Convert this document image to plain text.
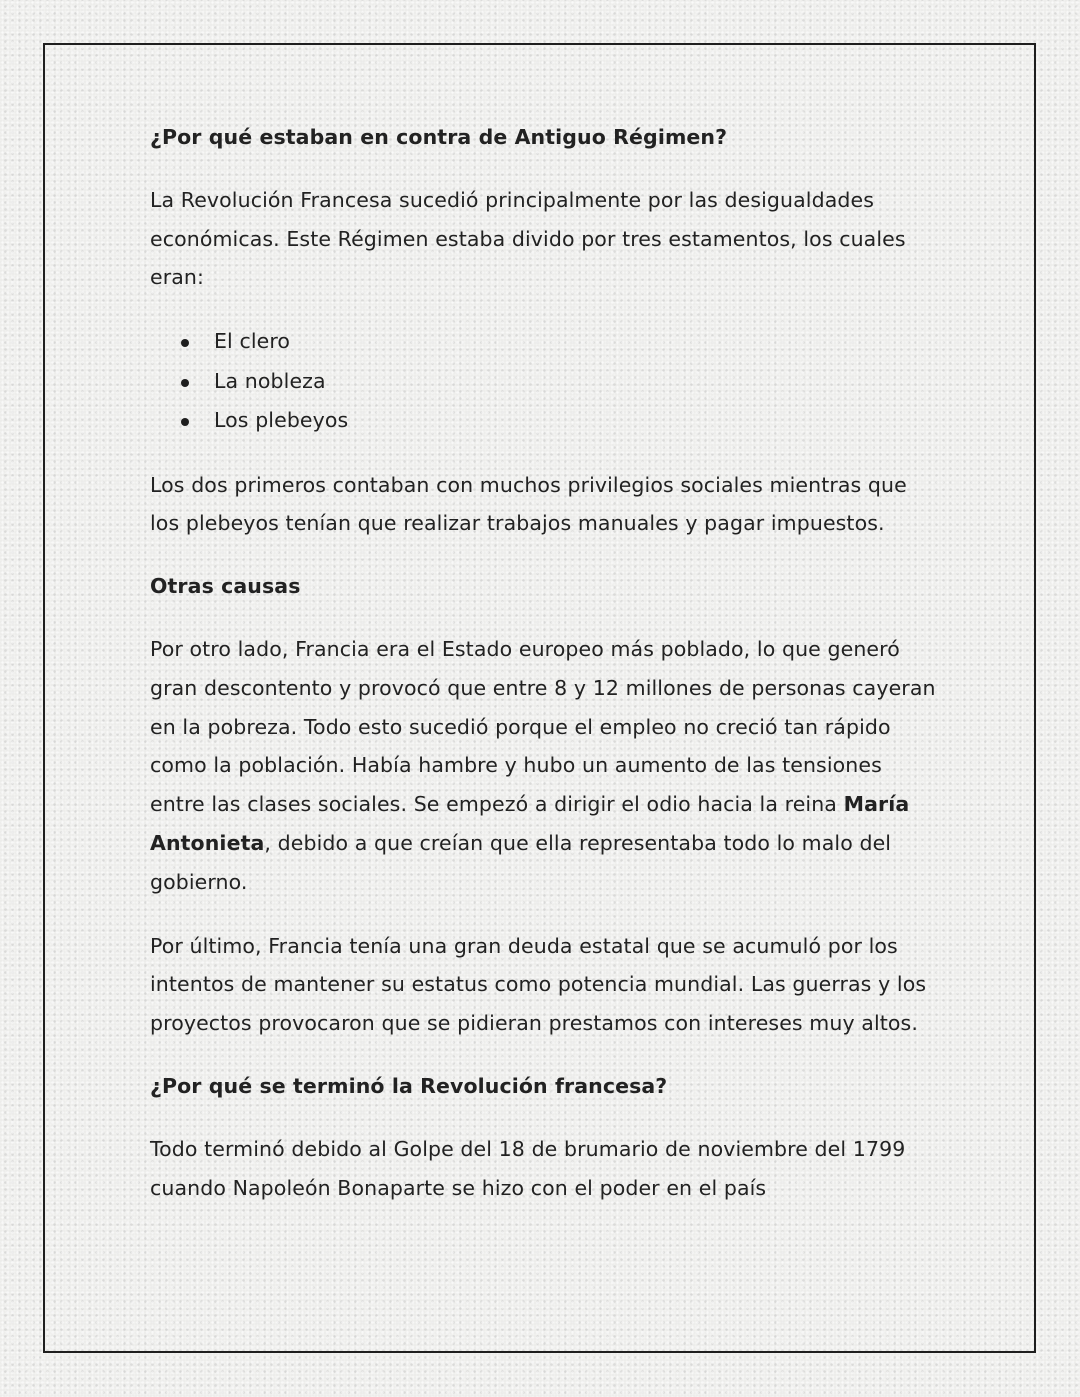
¿Por qué estaban en contra de Antiguo Régimen?

La Revolución Francesa sucedió principalmente por las desigualdades económicas. Este Régimen estaba divido por tres estamentos, los cuales eran:

El clero
La nobleza
Los plebeyos

Los dos primeros contaban con muchos privilegios sociales mientras que los plebeyos tenían que realizar trabajos manuales y pagar impuestos.

Otras causas

Por otro lado, Francia era el Estado europeo más poblado, lo que generó gran descontento y provocó que entre 8 y 12 millones de personas cayeran en la pobreza. Todo esto sucedió porque el empleo no creció tan rápido como la población. Había hambre y hubo un aumento de las tensiones entre las clases sociales. Se empezó a dirigir el odio hacia la reina María Antonieta, debido a que creían que ella representaba todo lo malo del gobierno.

Por último, Francia tenía una gran deuda estatal que se acumuló por los intentos de mantener su estatus como potencia mundial. Las guerras y los proyectos provocaron que se pidieran prestamos con intereses muy altos.

¿Por qué se terminó la Revolución francesa?

Todo terminó debido al Golpe del 18 de brumario de noviembre del 1799 cuando Napoleón Bonaparte se hizo con el poder en el país
